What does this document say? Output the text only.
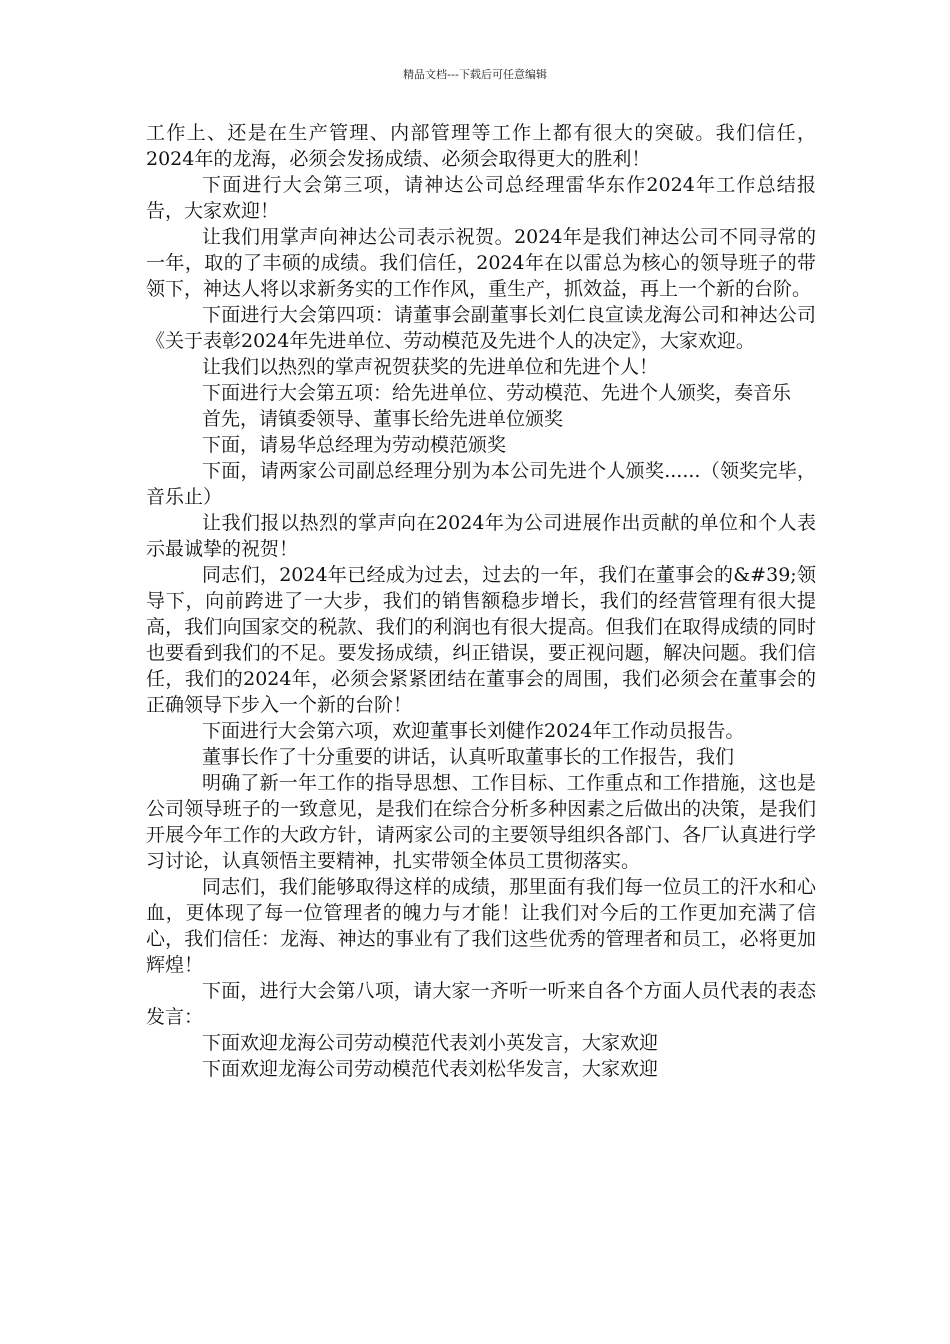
精品文档---下载后可任意编辑

工作上、还是在生产管理、内部管理等工作上都有很大的突破。我们信任，2024年的龙海，必须会发扬成绩、必须会取得更大的胜利！

下面进行大会第三项，请神达公司总经理雷华东作2024年工作总结报告，大家欢迎！

让我们用掌声向神达公司表示祝贺。2024年是我们神达公司不同寻常的一年，取的了丰硕的成绩。我们信任，2024年在以雷总为核心的领导班子的带领下，神达人将以求新务实的工作作风，重生产，抓效益，再上一个新的台阶。

下面进行大会第四项：请董事会副董事长刘仁良宣读龙海公司和神达公司《关于表彰2024年先进单位、劳动模范及先进个人的决定》，大家欢迎。

让我们以热烈的掌声祝贺获奖的先进单位和先进个人！

下面进行大会第五项：给先进单位、劳动模范、先进个人颁奖，奏音乐

首先，请镇委领导、董事长给先进单位颁奖

下面，请易华总经理为劳动模范颁奖

下面，请两家公司副总经理分别为本公司先进个人颁奖......（领奖完毕，音乐止）

让我们报以热烈的掌声向在2024年为公司进展作出贡献的单位和个人表示最诚挚的祝贺！

同志们，2024年已经成为过去，过去的一年，我们在董事会的&#39;领导下，向前跨进了一大步，我们的销售额稳步增长，我们的经营管理有很大提高，我们向国家交的税款、我们的利润也有很大提高。但我们在取得成绩的同时也要看到我们的不足。要发扬成绩，纠正错误，要正视问题，解决问题。我们信任，我们的2024年，必须会紧紧团结在董事会的周围，我们必须会在董事会的正确领导下步入一个新的台阶！

下面进行大会第六项，欢迎董事长刘健作2024年工作动员报告。

董事长作了十分重要的讲话，认真听取董事长的工作报告，我们

明确了新一年工作的指导思想、工作目标、工作重点和工作措施，这也是公司领导班子的一致意见，是我们在综合分析多种因素之后做出的决策，是我们开展今年工作的大政方针，请两家公司的主要领导组织各部门、各厂认真进行学习讨论，认真领悟主要精神，扎实带领全体员工贯彻落实。

同志们，我们能够取得这样的成绩，那里面有我们每一位员工的汗水和心血，更体现了每一位管理者的魄力与才能！让我们对今后的工作更加充满了信心，我们信任：龙海、神达的事业有了我们这些优秀的管理者和员工，必将更加辉煌！

下面，进行大会第八项，请大家一齐听一听来自各个方面人员代表的表态发言：

下面欢迎龙海公司劳动模范代表刘小英发言，大家欢迎

下面欢迎龙海公司劳动模范代表刘松华发言，大家欢迎
